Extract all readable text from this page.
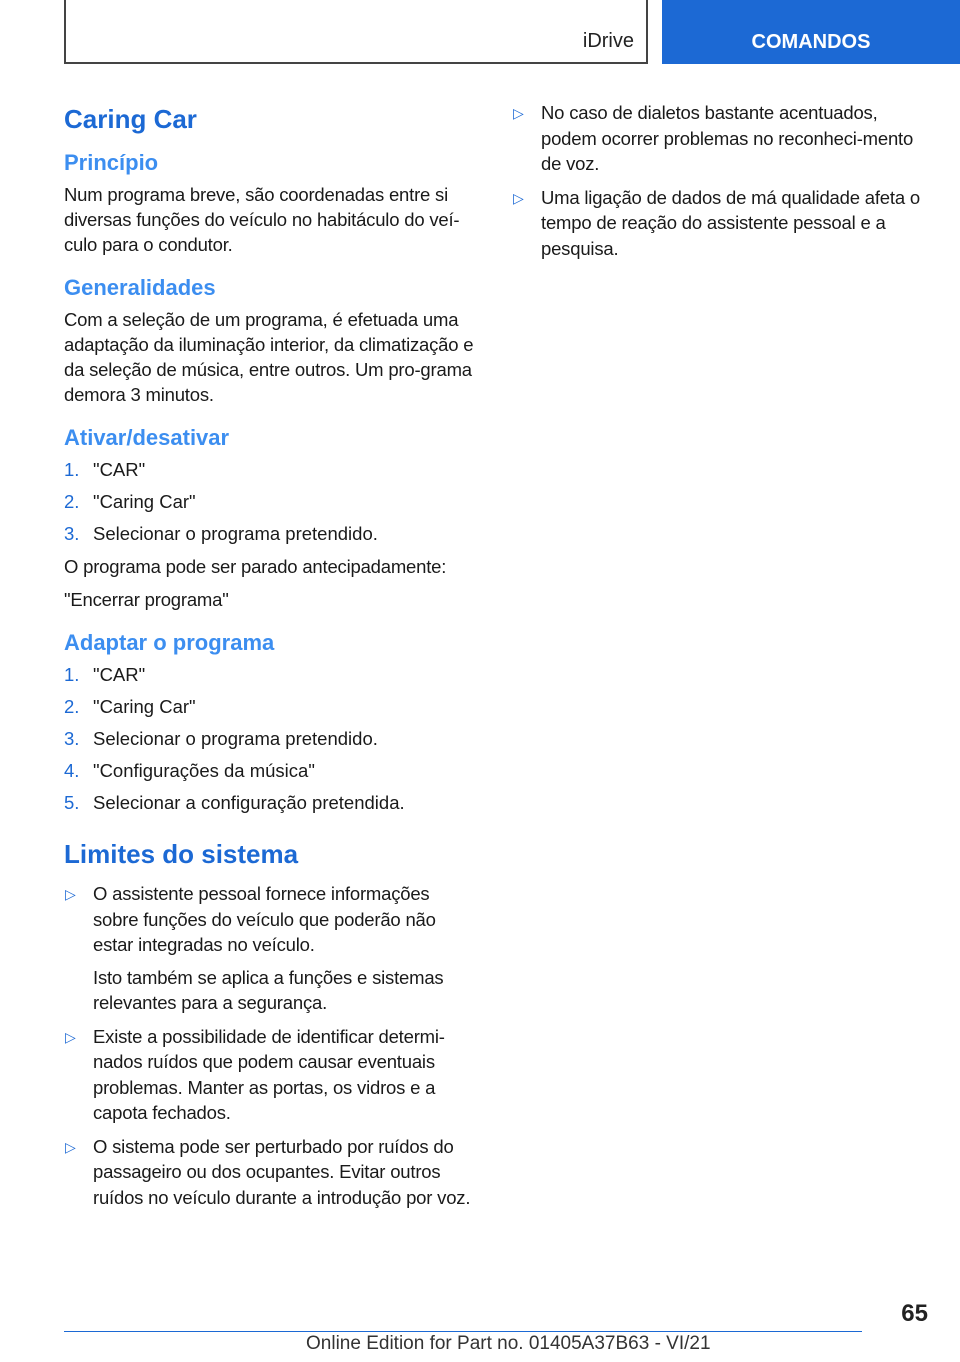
iDrive	COMANDOS
Caring Car
Princípio

Num programa breve, são coordenadas entre si diversas funções do veículo no habitáculo do veí‐culo para o condutor.

Generalidades

Com a seleção de um programa, é efetuada uma adaptação da iluminação interior, da climatização e da seleção de música, entre outros. Um pro‐grama demora 3 minutos.

Ativar/desativar
1. "CAR"
2. "Caring Car"
3. Selecionar o programa pretendido.

O programa pode ser parado antecipadamente:

"Encerrar programa"

Adaptar o programa
1. "CAR"
2. "Caring Car"
3. Selecionar o programa pretendido.
4. "Configurações da música"
5. Selecionar a configuração pretendida.
Limites do sistema
▷ O assistente pessoal fornece informações sobre funções do veículo que poderão não estar integradas no veículo.
Isto também se aplica a funções e sistemas relevantes para a segurança.
▷ Existe a possibilidade de identificar determi‐nados ruídos que podem causar eventuais problemas. Manter as portas, os vidros e a capota fechados.
▷ O sistema pode ser perturbado por ruídos do passageiro ou dos ocupantes. Evitar outros ruídos no veículo durante a introdução por voz.
▷ No caso de dialetos bastante acentuados, podem ocorrer problemas no reconheci‐mento de voz.
▷ Uma ligação de dados de má qualidade afeta o tempo de reação do assistente pessoal e a pesquisa.
65
Online Edition for Part no. 01405A37B63 - VI/21
